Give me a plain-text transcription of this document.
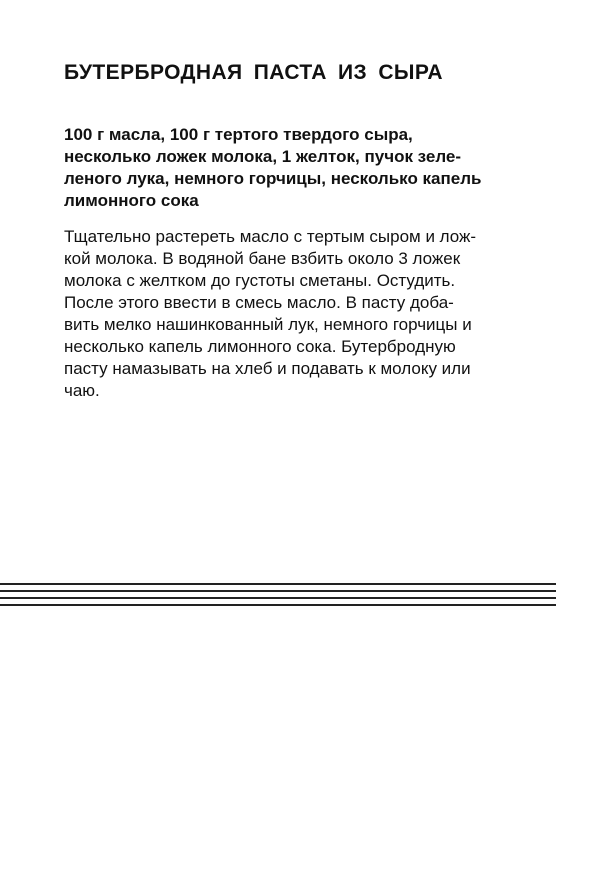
БУТЕРБРОДНАЯ ПАСТА ИЗ СЫРА
100 г масла, 100 г тертого твердого сыра,
несколько ложек молока, 1 желток, пучок зеле-
леного лука, немного горчицы, несколько капель
лимонного сока
Тщательно растереть масло с тертым сыром и лож-
кой молока. В водяной бане взбить около 3 ложек
молока с желтком до густоты сметаны. Остудить.
После этого ввести в смесь масло. В пасту доба-
вить мелко нашинкованный лук, немного горчицы и
несколько капель лимонного сока. Бутербродную
пасту намазывать на хлеб и подавать к молоку или
чаю.
